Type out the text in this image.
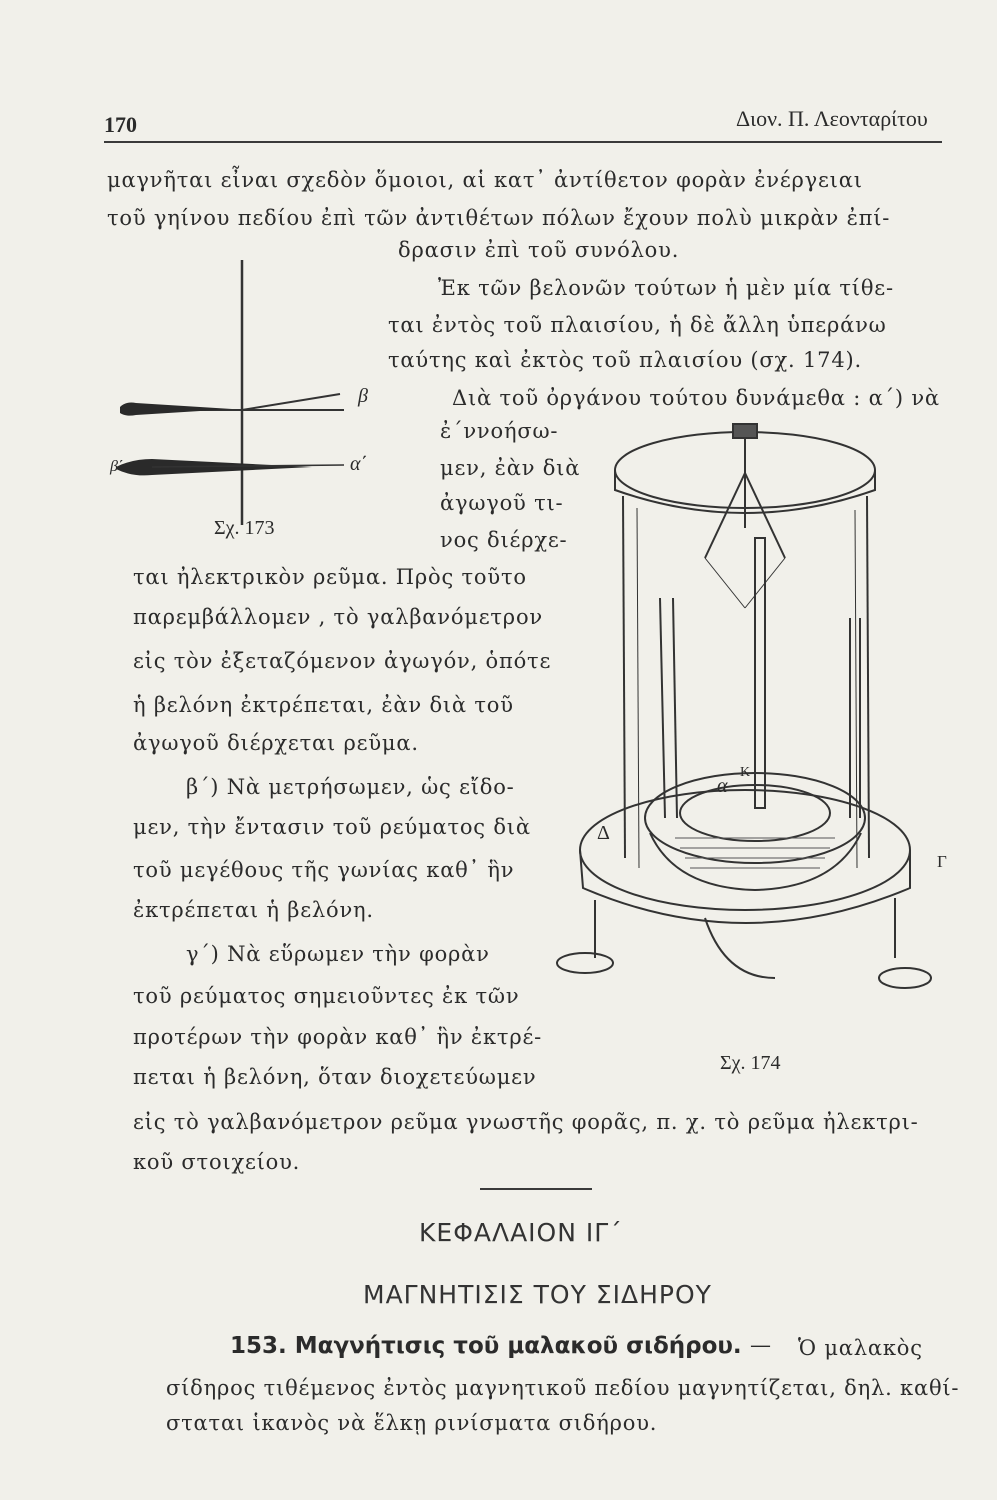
170	Διον. Π. Λεονταρίτου
μαγνῆται εἶναι σχεδὸν ὅμοιοι, αἱ κατ᾿ ἀντίθετον φορὰν ἐνέργειαι
τοῦ γηίνου πεδίου ἐπὶ τῶν ἀντιθέτων πόλων ἔχουν πολὺ μικρὰν ἐπί-
δρασιν ἐπὶ τοῦ συνόλου.
Ἐκ τῶν βελονῶν τούτων ἡ μὲν μία τίθε-
ται ἐντὸς τοῦ πλαισίου, ἡ δὲ ἄλλη ὑπεράνω
ταύτης καὶ ἐκτὸς τοῦ πλαισίου (σχ. 174).
Διὰ τοῦ ὀργάνου τούτου δυνάμεθα : α΄) νὰ
ἐ΄ννοήσω-
μεν, ἐὰν διὰ
ἀγωγοῦ τι-
νος διέρχε-
β
α΄
β΄
Σχ. 173
ται ἠλεκτρικὸν ρεῦμα. Πρὸς τοῦτο
παρεμβάλλομεν , τὸ γαλβανόμετρον
εἰς τὸν ἐξεταζόμενον ἀγωγόν, ὁπότε
ἡ βελόνη ἐκτρέπεται, ἐὰν διὰ τοῦ
ἀγωγοῦ διέρχεται ρεῦμα.
β΄) Νὰ μετρήσωμεν, ὡς εἴδο-
μεν, τὴν ἔντασιν τοῦ ρεύματος διὰ
τοῦ μεγέθους τῆς γωνίας καθ᾿ ἣν
ἐκτρέπεται ἡ βελόνη.
γ΄) Νὰ εὕρωμεν τὴν φορὰν
τοῦ ρεύματος σημειοῦντες ἐκ τῶν
προτέρων τὴν φορὰν καθ᾿ ἣν ἐκτρέ-
πεται ἡ βελόνη, ὅταν διοχετεύωμεν
Δ
Γ
α
Κ
Σχ. 174
εἰς τὸ γαλβανόμετρον ρεῦμα γνωστῆς φορᾶς, π. χ. τὸ ρεῦμα ἠλεκτρι-
κοῦ στοιχείου.
ΚΕΦΑΛΑΙΟΝ ΙΓ΄
ΜΑΓΝΗΤΙΣΙΣ ΤΟΥ ΣΙΔΗΡΟΥ
153. Μαγνήτισις τοῦ μαλακοῦ σιδήρου. — Ὁ μαλακὸς
σίδηρος τιθέμενος ἐντὸς μαγνητικοῦ πεδίου μαγνητίζεται, δηλ. καθί-
σταται ἱκανὸς νὰ ἕλκῃ ρινίσματα σιδήρου.
